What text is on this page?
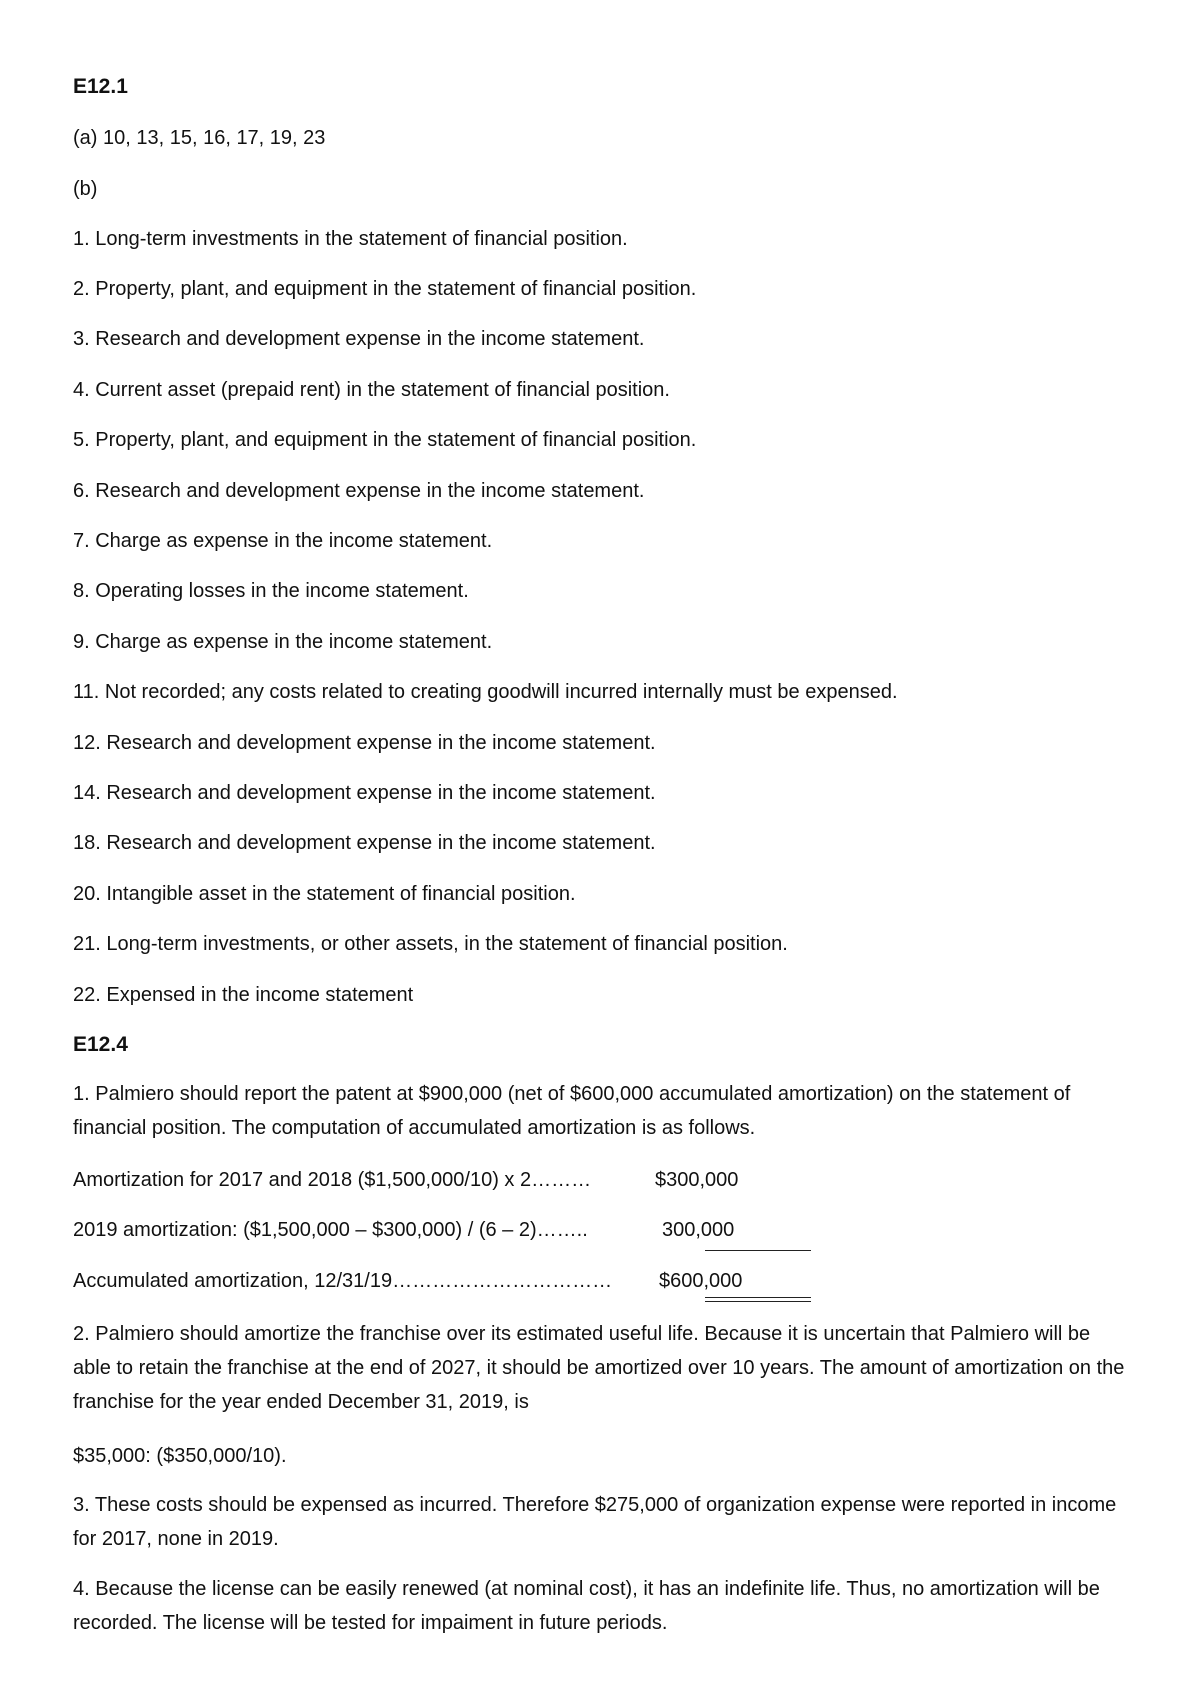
E12.1
(a) 10, 13, 15, 16, 17, 19, 23
(b)
1. Long-term investments in the statement of financial position.
2. Property, plant, and equipment in the statement of financial position.
3. Research and development expense in the income statement.
4. Current asset (prepaid rent) in the statement of financial position.
5. Property, plant, and equipment in the statement of financial position.
6. Research and development expense in the income statement.
7. Charge as expense in the income statement.
8. Operating losses in the income statement.
9. Charge as expense in the income statement.
11. Not recorded; any costs related to creating goodwill incurred internally must be expensed.
12. Research and development expense in the income statement.
14. Research and development expense in the income statement.
18. Research and development expense in the income statement.
20. Intangible asset in the statement of financial position.
21. Long-term investments, or other assets, in the statement of financial position.
22. Expensed in the income statement
E12.4
1. Palmiero should report the patent at $900,000 (net of $600,000 accumulated amortization) on the statement of financial position. The computation of accumulated amortization is as follows.
Amortization for 2017 and 2018 ($1,500,000/10) x 2………	$300,000
2019 amortization: ($1,500,000 – $300,000) / (6 – 2)……..	300,000
Accumulated amortization, 12/31/19…………………………… $600,000
2. Palmiero should amortize the franchise over its estimated useful life. Because it is uncertain that Palmiero will be able to retain the franchise at the end of 2027, it should be amortized over 10 years. The amount of amortization on the franchise for the year ended December 31, 2019, is
$35,000: ($350,000/10).
3. These costs should be expensed as incurred. Therefore $275,000 of organization expense were reported in income for 2017, none in 2019.
4. Because the license can be easily renewed (at nominal cost), it has an indefinite life. Thus, no amortization will be recorded. The license will be tested for impaiment in future periods.
